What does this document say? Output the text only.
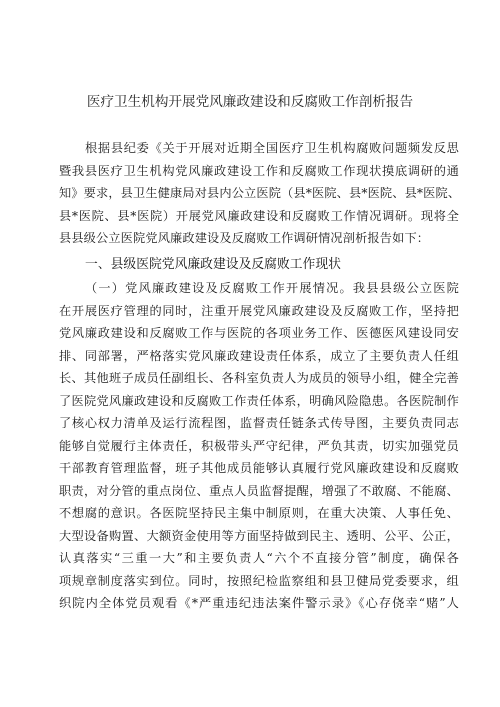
医疗卫生机构开展党风廉政建设和反腐败工作剖析报告
根据县纪委《关于开展对近期全国医疗卫生机构腐败问题频发反思
暨我县医疗卫生机构党风廉政建设工作和反腐败工作现状摸底调研的通
知》要求，县卫生健康局对县内公立医院（县*医院、县*医院、县*医院、
县*医院、县*医院）开展党风廉政建设和反腐败工作情况调研。现将全
县县级公立医院党风廉政建设及反腐败工作调研情况剖析报告如下：
一、县级医院党风廉政建设及反腐败工作现状
（一）党风廉政建设及反腐败工作开展情况。我县县级公立医院
在开展医疗管理的同时，注重开展党风廉政建设及反腐败工作，坚持把
党风廉政建设和反腐败工作与医院的各项业务工作、医德医风建设同安
排、同部署，严格落实党风廉政建设责任体系，成立了主要负责人任组
长、其他班子成员任副组长、各科室负责人为成员的领导小组，健全完善
了医院党风廉政建设和反腐败工作责任体系，明确风险隐患。各医院制作
了核心权力清单及运行流程图，监督责任链条式传导图，主要负责同志
能够自觉履行主体责任，积极带头严守纪律，严负其责，切实加强党员
干部教育管理监督，班子其他成员能够认真履行党风廉政建设和反腐败
职责，对分管的重点岗位、重点人员监督提醒，增强了不敢腐、不能腐、
不想腐的意识。各医院坚持民主集中制原则，在重大决策、人事任免、
大型设备购置、大额资金使用等方面坚持做到民主、透明、公平、公正，
认真落实“三重一大”和主要负责人“六个不直接分管”制度，确保各
项规章制度落实到位。同时，按照纪检监察组和县卫健局党委要求，组
织院内全体党员观看《*严重违纪违法案件警示录》《心存侥幸“赌”人
